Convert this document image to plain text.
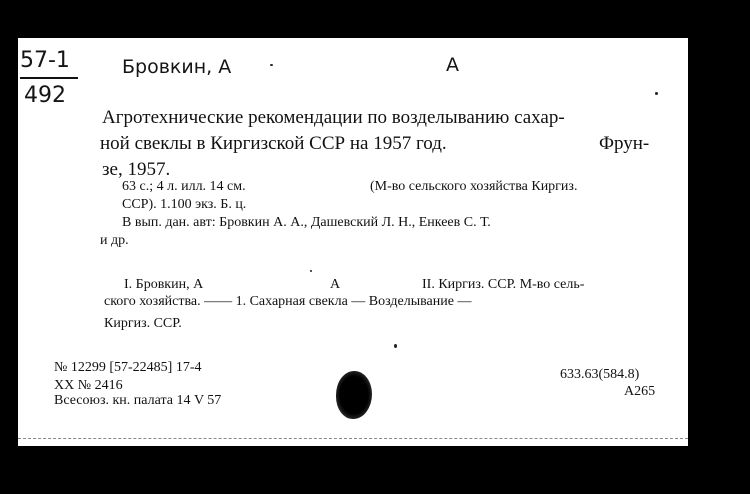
57-1
492
Бровкин, А	А
Агротехнические рекомендации по возделыванию сахар-
ной свеклы в Киргизской ССР на 1957 год.	Фрун-
зе, 1957.
63 с.; 4 л. илл. 14 см.	(М-во сельского хозяйства Киргиз.
ССР). 1.100 экз. Б. ц.
В вып. дан. авт: Бровкин А. А., Дашевский Л. Н., Енкеев С. Т.
и др.
I. Бровкин, А	А	II. Киргиз. ССР. М-во сель-
ского хозяйства. —— 1. Сахарная свекла — Возделывание —
Киргиз. ССР.
№ 12299 [57-22485] 17-4
XX № 2416
Всесоюз. кн. палата 14 V 57
633.63(584.8)
A265
